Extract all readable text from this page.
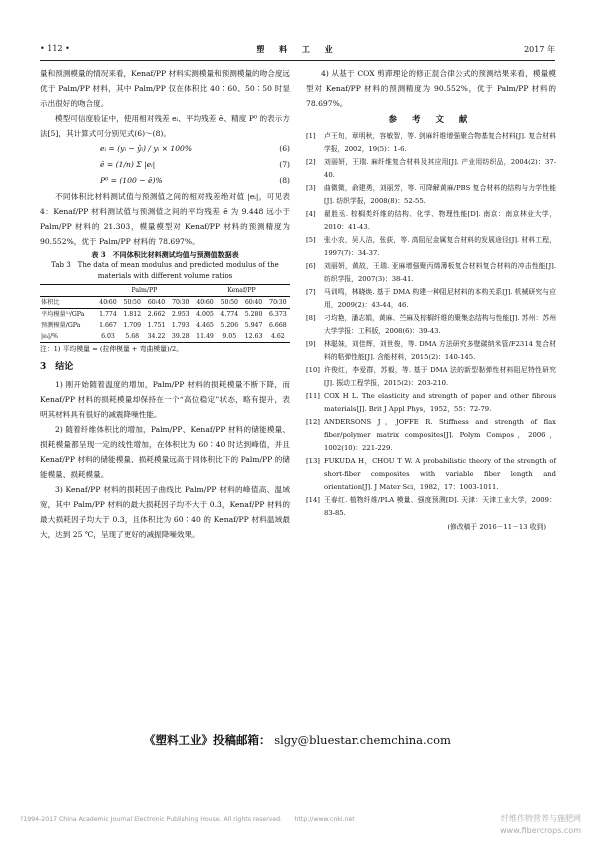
• 112 •	塑 料 工 业	2017 年

量和预测模量的情况来看，Kenaf/PP 材料实测模量和预测模量的吻合度远优于 Palm/PP 材料，其中 Palm/PP 仅在体积比 40∶60、50∶50 时显示出很好的吻合度。

模型可信度验证中，使用相对残差 eᵢ、平均残差 ē、精度 P⁰ 的表示方法[5]，其计算式可分别见式(6)～(8)。

eᵢ = (yᵢ − ŷᵢ) / yᵢ × 100%	(6)
ē = (1/n) Σ |eᵢ|	(7)
P⁰ = (100 − ē)%	(8)

不同体积比材料测试值与预测值之间的相对残差绝对值 |eᵢ|，可见表 4：Kenaf/PP 材料测试值与预测值之间的平均残差 ē 为 9.448 远小于 Palm/PP 材料的 21.303，模量模型对 Kenaf/PP 材料的预测精度为 90.552%，优于 Palm/PP 材料的 78.697%。

表 3　不同体积比材料测试均值与预测值数据表
Tab 3　The data of mean modulus and predicted modulus of the materials with different volume ratios
	Palm/PP				Kenaf/PP			
体积比	40∶60	50∶50	60∶40	70∶30	40∶60	50∶50	60∶40	70∶30
平均模量¹⁾/GPa	1.774	1.812	2.662	2.953	4.005	4.774	5.280	6.373
预测模量/GPa	1.667	1.709	1.751	1.793	4.465	5.206	5.947	6.668
|eᵢ|/%	6.03	5.68	34.22	39.28	11.49	9.05	12.63	4.62
注：1) 平均模量 = (拉伸模量 + 弯曲模量)/2。
3　结论

1) 刚开始随着温度的增加，Palm/PP 材料的损耗模量不断下降，而 Kenaf/PP 材料的损耗模量却保持在一个“高位稳定”状态，略有提升，表明其材料具有很好的减震降噪性能。

2) 随着纤维体积比的增加，Palm/PP、Kenaf/PP 材料的储能模量、损耗模量都呈现一定的线性增加，在体积比为 60∶40 时达到峰值，并且 Kenaf/PP 材料的储能模量、损耗模量远高于同体积比下的 Palm/PP 的储能模量、损耗模量。

3) Kenaf/PP 材料的损耗因子曲线比 Palm/PP 材料的峰值高、温域宽，其中 Palm/PP 材料的最大损耗因子均不大于 0.3，Kenaf/PP 材料的最大损耗因子均大于 0.3，且体积比为 60∶40 的 Kenaf/PP 材料温域最大，达到 25 ℃，呈现了更好的减振降噪效果。

4) 从基于 COX 剪滞理论的修正混合律公式的预测结果来看，模量模型对 Kenaf/PP 材料的预测精度为 90.552%，优于 Palm/PP 材料的 78.697%。

参 考 文 献
[1]	卢王旬，章明秋，容敏智，等. 剑麻纤维增强聚合物基复合材料[J]. 复合材料学报，2002，19(5)：1-6.
[2]	刘丽妍，王瑞. 麻纤维复合材料及其应用[J]. 产业用纺织品，2004(2)：37-40.
[3]	曲微微，俞建勇，刘丽芳，等. 可降解黄麻/PBS 复合材料的结构与力学性能[J]. 纺织学报，2008(8)：52-55.
[4]	翟胜丞. 棕榈类纤维的结构、化学、物理性能[D]. 南京：南京林业大学，2010：41-43.
[5]	张小农，吴人洁，张荻，等. 高阻尼金属复合材料的发展途径[J]. 材料工程，1997(7)：34-37.
[6]	刘丽妍，黄故，王瑞. 亚麻增强聚丙烯薄板复合材料复合材料的冲击性能[J]. 纺织学报，2007(3)：38-41.
[7]	马训鸣，林晓焕. 基于 DMA 构建一种阻尼材料的本构关系[J]. 机械研究与应用，2009(2)：43-44，46.
[8]	刁均艳，潘志娟，黄麻、苎麻及棕榈纤维的聚集态结构与性能[J]. 苏州：苏州大学学报：工科版，2008(6)：39-43.
[9]	林聪妹，刘佳辉，刘世俊，等. DMA 方法研究多壁碳纳米管/F2314 复合材料的粘弹性能[J]. 含能材料，2015(2)：140-145.
[10] 许俊红，李爱群，苏毅，等. 基于 DMA 法的新型黏弹性材料阻尼特性研究[J]. 振动工程学报，2015(2)：203-210.
[11] COX H L. The elasticity and strength of paper and other fibrous materials[J]. Brit J Appl Phys，1952，55：72-79.
[12] ANDERSONS J，JOFFE R. Stiffness and strength of flax fiber/polymer matrix composites[J]. Polym Compos，2006，1002(10)：221-229.
[13] FUKUDA H，CHOU T W. A probabilistic theory of the strength of short-fiber composites with variable fiber length and orientation[J]. J Mater Sci，1982，17：1003-1011.
[14] 王春红. 植物纤维/PLA 模量、强度预测[D]. 天津：天津工业大学，2009：83-85.
(修改稿于 2016－11－13 收到)
《塑料工业》投稿邮箱： slgy@bluestar.chemchina.com
?1994-2017 China Academic Journal Electronic Publishing House. All rights reserved.　　http://www.cnki.net	纤维作物营养与施肥网
www.fibercrops.com
